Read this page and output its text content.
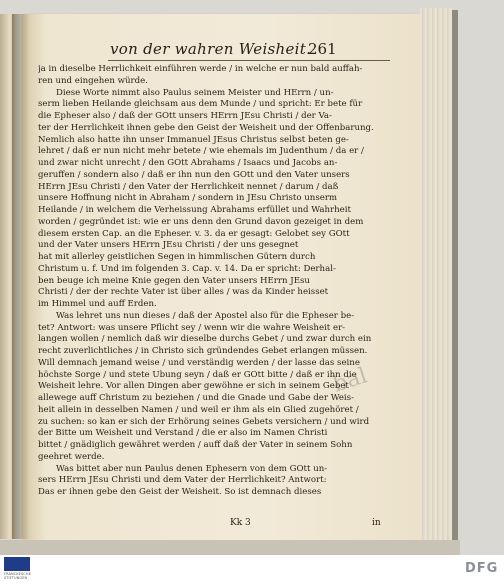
von der wahren Weisheit.
261
ja in dieselbe Herrlichkeit einführen werde / in welche er nun bald auffah-
ren und eingehen würde.
Diese Worte nimmt also Paulus seinem Meister und HErrn / un-
serm lieben Heilande gleichsam aus dem Munde / und spricht: Er bete für
die Epheser also / daß der GOtt unsers HErrn JEsu Christi / der Va-
ter der Herrlichkeit ihnen gebe den Geist der Weisheit und der Offenbarung.
Nemlich also hatte ihn unser Immanuel JEsus Christus selbst beten ge-
lehret / daß er nun nicht mehr betete / wie ehemals im Judenthum / da er /
und zwar nicht unrecht / den GOtt Abrahams / Isaacs und Jacobs an-
geruffen / sondern also / daß er ihn nun den GOtt und den Vater unsers
HErrn JEsu Christi / den Vater der Herrlichkeit nennet / darum / daß
unsere Hoffnung nicht in Abraham / sondern in JEsu Christo unserm
Heilande / in welchem die Verheissung Abrahams erfüllet und Wahrheit
worden / gegründet ist: wie er uns denn den Grund davon gezeiget in dem
diesem ersten Cap. an die Epheser. v. 3. da er gesagt: Gelobet sey GOtt
und der Vater unsers HErrn JEsu Christi / der uns gesegnet
hat mit allerley geistlichen Segen in himmlischen Gütern durch
Christum u. f. Und im folgenden 3. Cap. v. 14. Da er spricht: Derhal-
ben beuge ich meine Knie gegen den Vater unsers HErrn JEsu
Christi / der der rechte Vater ist über alles / was da Kinder heisset
im Himmel und auff Erden.
Was lehret uns nun dieses / daß der Apostel also für die Epheser be-
tet? Antwort: was unsere Pflicht sey / wenn wir die wahre Weisheit er-
langen wollen / nemlich daß wir dieselbe durchs Gebet / und zwar durch ein
recht zuverlichtliches / in Christo sich gründendes Gebet erlangen müssen.
Will demnach jemand weise / und verständig werden / der lasse das seine
höchste Sorge / und stete Ubung seyn / daß er GOtt bitte / daß er ihn die
Weisheit lehre. Vor allen Dingen aber gewöhne er sich in seinem Gebet
allewege auff Christum zu beziehen / und die Gnade und Gabe der Weis-
heit allein in desselben Namen / und weil er ihm als ein Glied zugehöret /
zu suchen: so kan er sich der Erhörung seines Gebets versichern / und wird
der Bitte um Weisheit und Verstand / die er also im Namen Christi
bittet / gnädiglich gewähret werden / auff daß der Vater in seinem Sohn
geehret werde.
Was bittet aber nun Paulus denen Ephesern von dem GOtt un-
sers HErrn JEsu Christi und dem Vater der Herrlichkeit? Antwort:
Das er ihnen gebe den Geist der Weisheit. So ist demnach dieses
bal
Kk 3	in
FRANCKESCHE STIFTUNGEN
DFG
